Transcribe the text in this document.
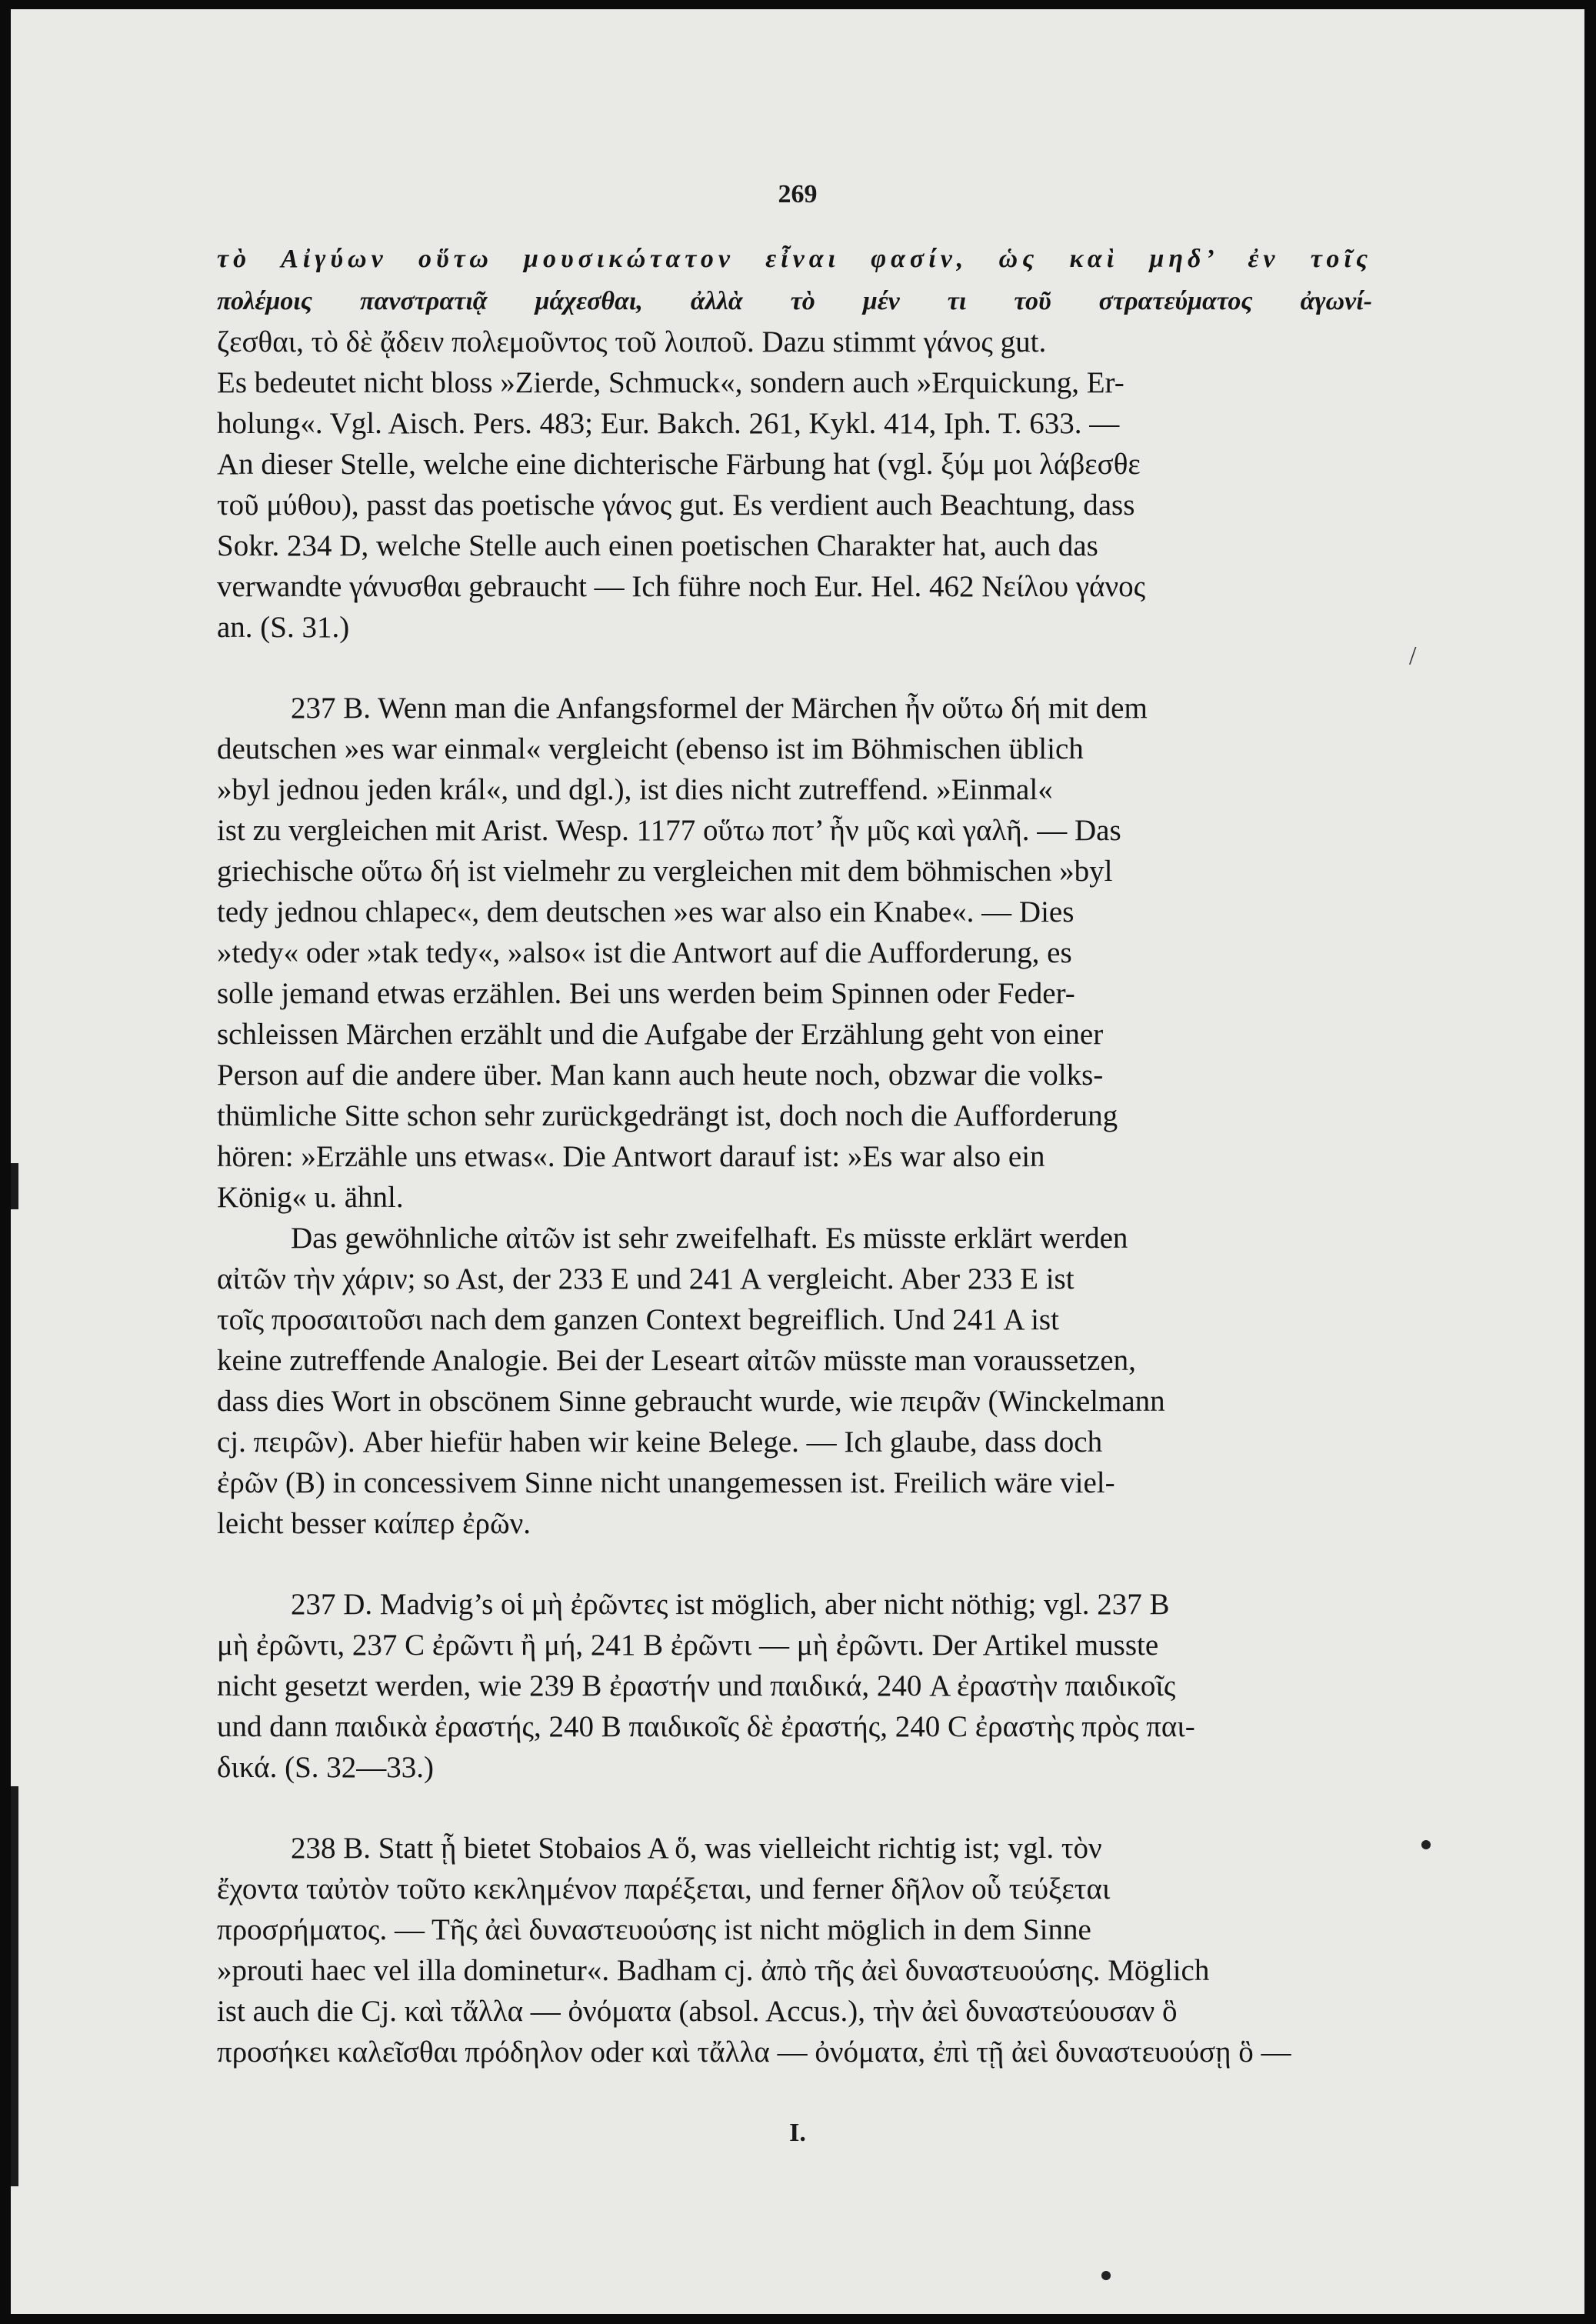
269

/

τὸ Αἰγύων οὕτω μουσικώτατον εἶναι φασίν, ὡς καὶ μηδ’ ἐν τοῖς

πολέμοις πανστρατιᾷ μάχεσθαι, ἀλλὰ τὸ μέν τι τοῦ στρατεύματος ἀγωνί-

ζεσθαι, τὸ δὲ ᾄδειν πολεμοῦντος τοῦ λοιποῦ. Dazu stimmt γάνος gut.

Es bedeutet nicht bloss »Zierde, Schmuck«, sondern auch »Erquickung, Er-

holung«. Vgl. Aisch. Pers. 483; Eur. Bakch. 261, Kykl. 414, Iph. T. 633. —

An dieser Stelle, welche eine dichterische Färbung hat (vgl. ξύμ μοι λάβεσθε

τοῦ μύθου), passt das poetische γάνος gut. Es verdient auch Beachtung, dass

Sokr. 234 D, welche Stelle auch einen poetischen Charakter hat, auch das

verwandte γάνυσθαι gebraucht — Ich führe noch Eur. Hel. 462 Νείλου γάνος

an. (S. 31.)

237 B. Wenn man die Anfangsformel der Märchen ἦν οὕτω δή mit dem

deutschen »es war einmal« vergleicht (ebenso ist im Böhmischen üblich

»byl jednou jeden král«, und dgl.), ist dies nicht zutreffend. »Einmal«

ist zu vergleichen mit Arist. Wesp. 1177 οὕτω ποτ’ ἦν μῦς καὶ γαλῆ. — Das

griechische οὕτω δή ist vielmehr zu vergleichen mit dem böhmischen »byl

tedy jednou chlapec«, dem deutschen »es war also ein Knabe«. — Dies

»tedy« oder »tak tedy«, »also« ist die Antwort auf die Aufforderung, es

solle jemand etwas erzählen. Bei uns werden beim Spinnen oder Feder-

schleissen Märchen erzählt und die Aufgabe der Erzählung geht von einer

Person auf die andere über. Man kann auch heute noch, obzwar die volks-

thümliche Sitte schon sehr zurückgedrängt ist, doch noch die Aufforderung

hören: »Erzähle uns etwas«. Die Antwort darauf ist: »Es war also ein

König« u. ähnl.

Das gewöhnliche αἰτῶν ist sehr zweifelhaft. Es müsste erklärt werden

αἰτῶν τὴν χάριν; so Ast, der 233 E und 241 A vergleicht. Aber 233 E ist

τοῖς προσαιτοῦσι nach dem ganzen Context begreiflich. Und 241 A ist

keine zutreffende Analogie. Bei der Leseart αἰτῶν müsste man voraussetzen,

dass dies Wort in obscönem Sinne gebraucht wurde, wie πειρᾶν (Winckelmann

cj. πειρῶν). Aber hiefür haben wir keine Belege. — Ich glaube, dass doch

ἐρῶν (B) in concessivem Sinne nicht unangemessen ist. Freilich wäre viel-

leicht besser καίπερ ἐρῶν.

237 D. Madvig’s οἱ μὴ ἐρῶντες ist möglich, aber nicht nöthig; vgl. 237 B

μὴ ἐρῶντι, 237 C ἐρῶντι ἢ μή, 241 B ἐρῶντι — μὴ ἐρῶντι. Der Artikel musste

nicht gesetzt werden, wie 239 B ἐραστήν und παιδικά, 240 A ἐραστὴν παιδικοῖς

und dann παιδικὰ ἐραστής, 240 B παιδικοῖς δὲ ἐραστής, 240 C ἐραστὴς πρὸς παι-

δικά. (S. 32—33.)

238 B. Statt ᾗ bietet Stobaios A ὅ, was vielleicht richtig ist; vgl. τὸν

ἔχοντα ταὐτὸν τοῦτο κεκλημένον παρέξεται, und ferner δῆλον οὗ τεύξεται

προσρήματος. — Τῆς ἀεὶ δυναστευούσης ist nicht möglich in dem Sinne

»prouti haec vel illa dominetur«. Badham cj. ἀπὸ τῆς ἀεὶ δυναστευούσης. Möglich

ist auch die Cj. καὶ τἄλλα — ὀνόματα (absol. Accus.), τὴν ἀεὶ δυναστεύουσαν ὃ

προσήκει καλεῖσθαι πρόδηλον oder καὶ τἄλλα — ὀνόματα, ἐπὶ τῇ ἀεὶ δυναστευούσῃ ὃ —

I.
